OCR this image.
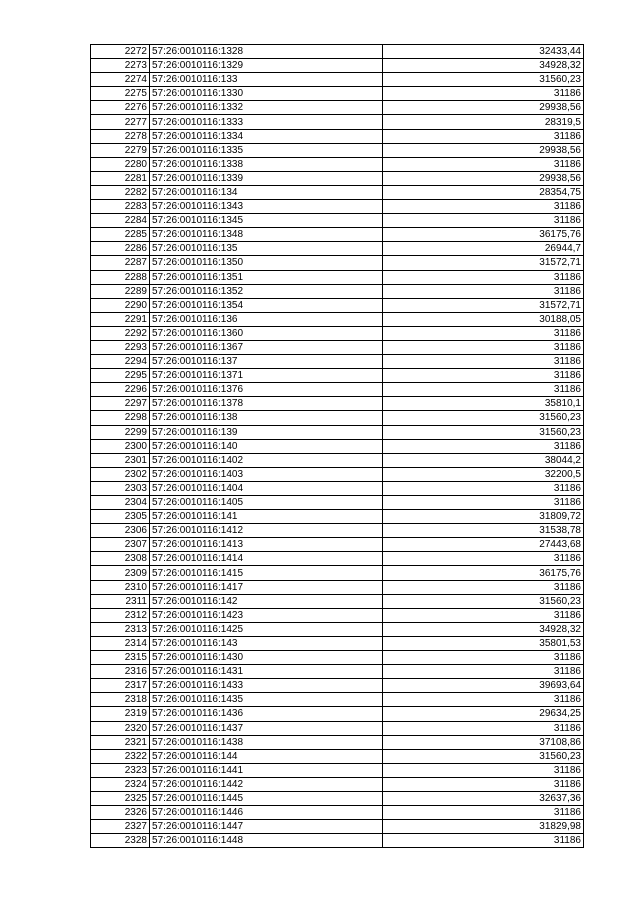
2272	57:26:0010116:1328	32433,44
2273	57:26:0010116:1329	34928,32
2274	57:26:0010116:133	31560,23
2275	57:26:0010116:1330	31186
2276	57:26:0010116:1332	29938,56
2277	57:26:0010116:1333	28319,5
2278	57:26:0010116:1334	31186
2279	57:26:0010116:1335	29938,56
2280	57:26:0010116:1338	31186
2281	57:26:0010116:1339	29938,56
2282	57:26:0010116:134	28354,75
2283	57:26:0010116:1343	31186
2284	57:26:0010116:1345	31186
2285	57:26:0010116:1348	36175,76
2286	57:26:0010116:135	26944,7
2287	57:26:0010116:1350	31572,71
2288	57:26:0010116:1351	31186
2289	57:26:0010116:1352	31186
2290	57:26:0010116:1354	31572,71
2291	57:26:0010116:136	30188,05
2292	57:26:0010116:1360	31186
2293	57:26:0010116:1367	31186
2294	57:26:0010116:137	31186
2295	57:26:0010116:1371	31186
2296	57:26:0010116:1376	31186
2297	57:26:0010116:1378	35810,1
2298	57:26:0010116:138	31560,23
2299	57:26:0010116:139	31560,23
2300	57:26:0010116:140	31186
2301	57:26:0010116:1402	38044,2
2302	57:26:0010116:1403	32200,5
2303	57:26:0010116:1404	31186
2304	57:26:0010116:1405	31186
2305	57:26:0010116:141	31809,72
2306	57:26:0010116:1412	31538,78
2307	57:26:0010116:1413	27443,68
2308	57:26:0010116:1414	31186
2309	57:26:0010116:1415	36175,76
2310	57:26:0010116:1417	31186
2311	57:26:0010116:142	31560,23
2312	57:26:0010116:1423	31186
2313	57:26:0010116:1425	34928,32
2314	57:26:0010116:143	35801,53
2315	57:26:0010116:1430	31186
2316	57:26:0010116:1431	31186
2317	57:26:0010116:1433	39693,64
2318	57:26:0010116:1435	31186
2319	57:26:0010116:1436	29634,25
2320	57:26:0010116:1437	31186
2321	57:26:0010116:1438	37108,86
2322	57:26:0010116:144	31560,23
2323	57:26:0010116:1441	31186
2324	57:26:0010116:1442	31186
2325	57:26:0010116:1445	32637,36
2326	57:26:0010116:1446	31186
2327	57:26:0010116:1447	31829,98
2328	57:26:0010116:1448	31186
